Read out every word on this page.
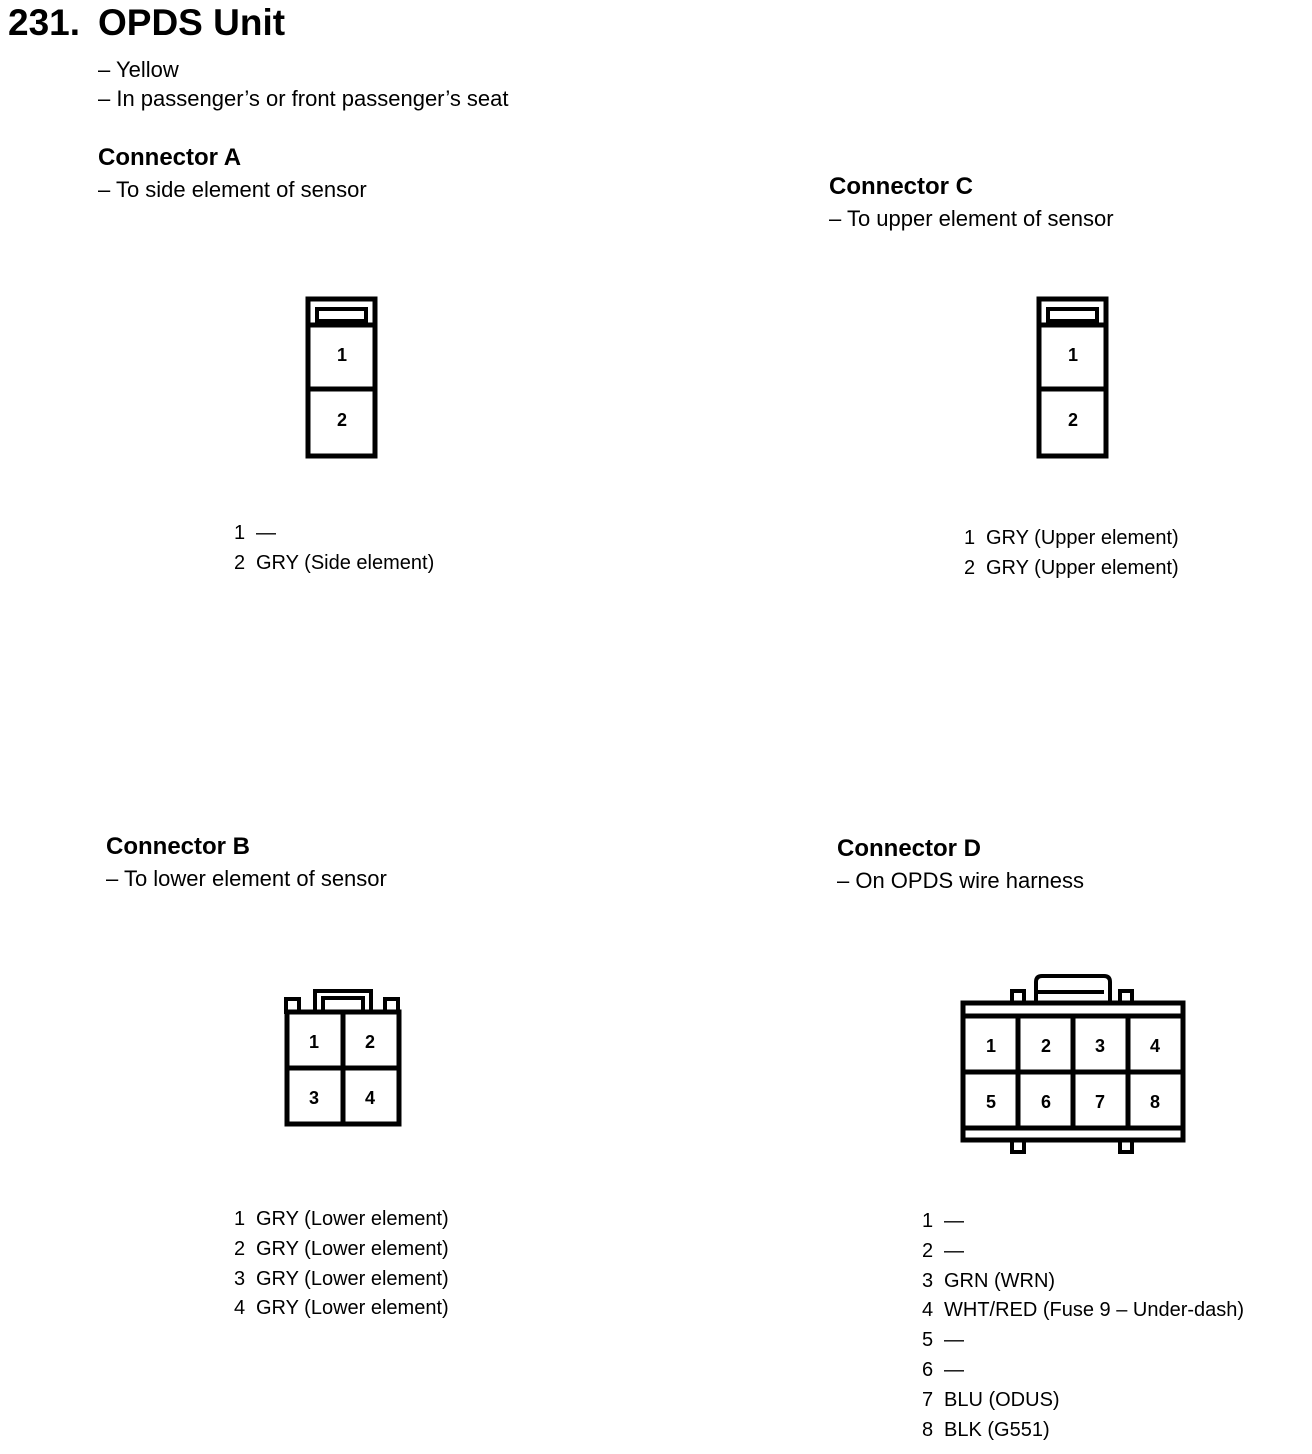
231. OPDS Unit
– Yellow
– In passenger’s or front passenger’s seat
Connector A
– To side element of sensor
1
2
1 —
2 GRY (Side element)
Connector C
– To upper element of sensor
1
2
1 GRY (Upper element)
2 GRY (Upper element)
Connector B
– To lower element of sensor
1	2
3	4
1 GRY (Lower element)
2 GRY (Lower element)
3 GRY (Lower element)
4 GRY (Lower element)
Connector D
– On OPDS wire harness
1 2 3 4
5 6 7 8
1 —
2 —
3 GRN (WRN)
4 WHT/RED (Fuse 9 – Under-dash)
5 —
6 —
7 BLU (ODUS)
8 BLK (G551)
